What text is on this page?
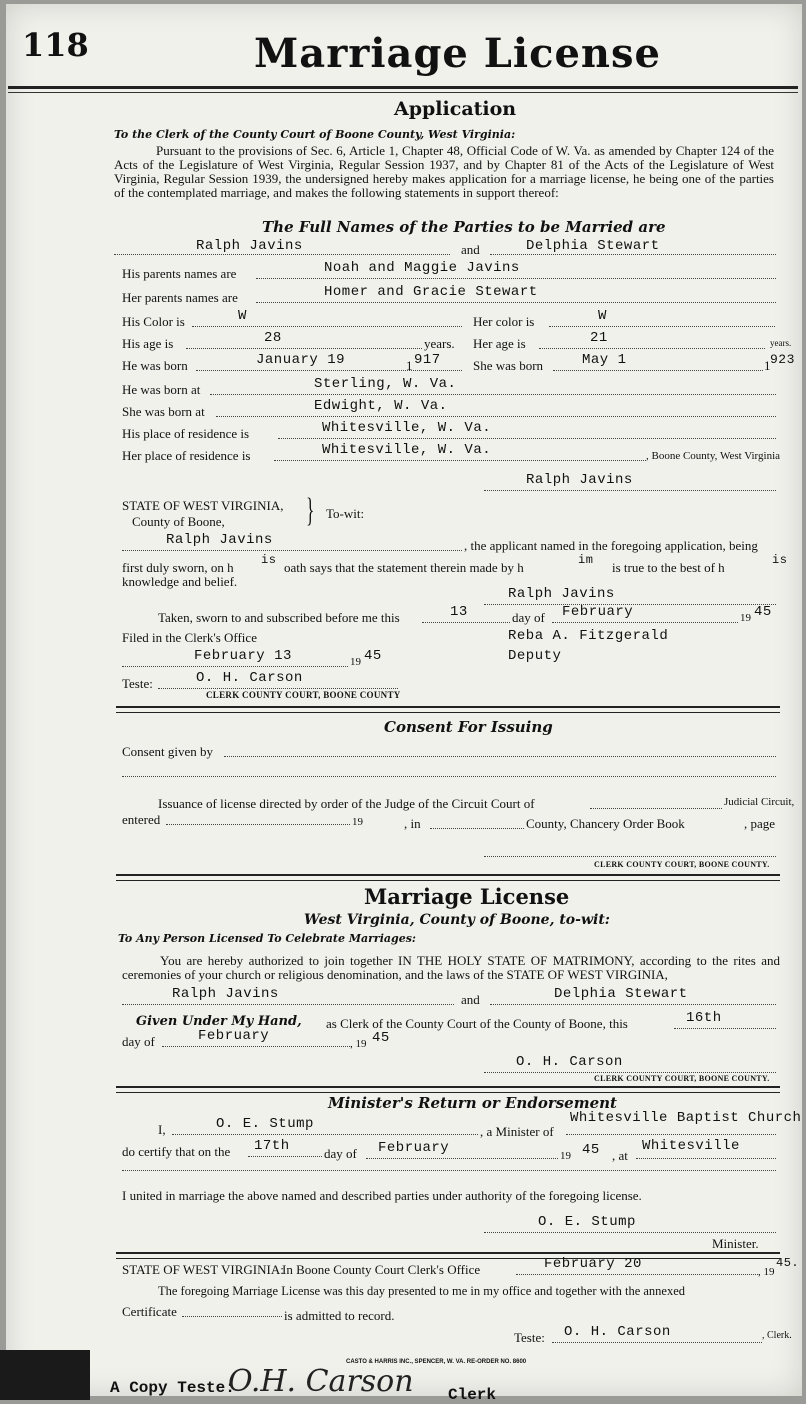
118	Marriage License
Application
To the Clerk of the County Court of Boone County, West Virginia:
Pursuant to the provisions of Sec. 6, Article 1, Chapter 48, Official Code of W. Va. as amended by Chapter 124 of the Acts of the Legislature of West Virginia, Regular Session 1937, and by Chapter 81 of the Acts of the Legislature of West Virginia, Regular Session 1939, the undersigned hereby makes application for a marriage license, he being one of the parties of the contemplated marriage, and makes the following statements in support thereof:
The Full Names of the Parties to be Married are
Ralph Javins	and	Delphia Stewart
His parents names are	Noah and Maggie Javins
Her parents names are	Homer and Gracie Stewart
His Color is	W	Her color is	W
His age is	28	years. Her age is	21	years.
He was born	January 19	1 917 She was born	May 1	1 923
He was born at	Sterling, W. Va.
She was born at	Edwight, W. Va.
His place of residence is	Whitesville, W. Va.
Her place of residence is	Whitesville, W. Va.	, Boone County, West Virginia
Ralph Javins
STATE OF WEST VIRGINIA,
County of Boone, } To-wit:
Ralph Javins	, the applicant named in the foregoing application, being
first duly sworn, on h is oath says that the statement therein made by h	im is true to the best of h	is
knowledge and belief.
Ralph Javins
Taken, sworn to and subscribed before me this	13	day of February	19 45
Filed in the Clerk's Office	Reba A. Fitzgerald
February 13	19 45	Deputy
Teste:	O. H. Carson
CLERK COUNTY COURT, BOONE COUNTY
Consent For Issuing
Consent given by
Issuance of license directed by order of the Judge of the Circuit Court of	Judicial Circuit,
entered	19	, in	County, Chancery Order Book	, page
CLERK COUNTY COURT, BOONE COUNTY.
Marriage License
West Virginia, County of Boone, to-wit:
To Any Person Licensed To Celebrate Marriages:
You are hereby authorized to join together IN THE HOLY STATE OF MATRIMONY, according to the rites and ceremonies of your church or religious denomination, and the laws of the STATE OF WEST VIRGINIA,
Ralph Javins	and	Delphia Stewart
Given Under My Hand, as Clerk of the County Court of the County of Boone, this	16th
day of	February	, 19 45
O. H. Carson
CLERK COUNTY COURT, BOONE COUNTY.
Minister's Return or Endorsement
I,	O. E. Stump	, a Minister of
Whitesville Baptist Church
do certify that on the 17th	day of February	19 45 , at
Whitesville
I united in marriage the above named and described parties under authority of the foregoing license.
O. E. Stump
Minister.
STATE OF WEST VIRGINIA:
In Boone County Court Clerk's Office	February 20	, 19
45.
The foregoing Marriage License was this day presented to me in my office and together with the annexed
Certificate	is admitted to record.
Teste: O. H. Carson	, Clerk.
CASTO & HARRIS INC., SPENCER, W. VA. RE-ORDER NO. 8600
A Copy Teste:
O.H. Carson Clerk
